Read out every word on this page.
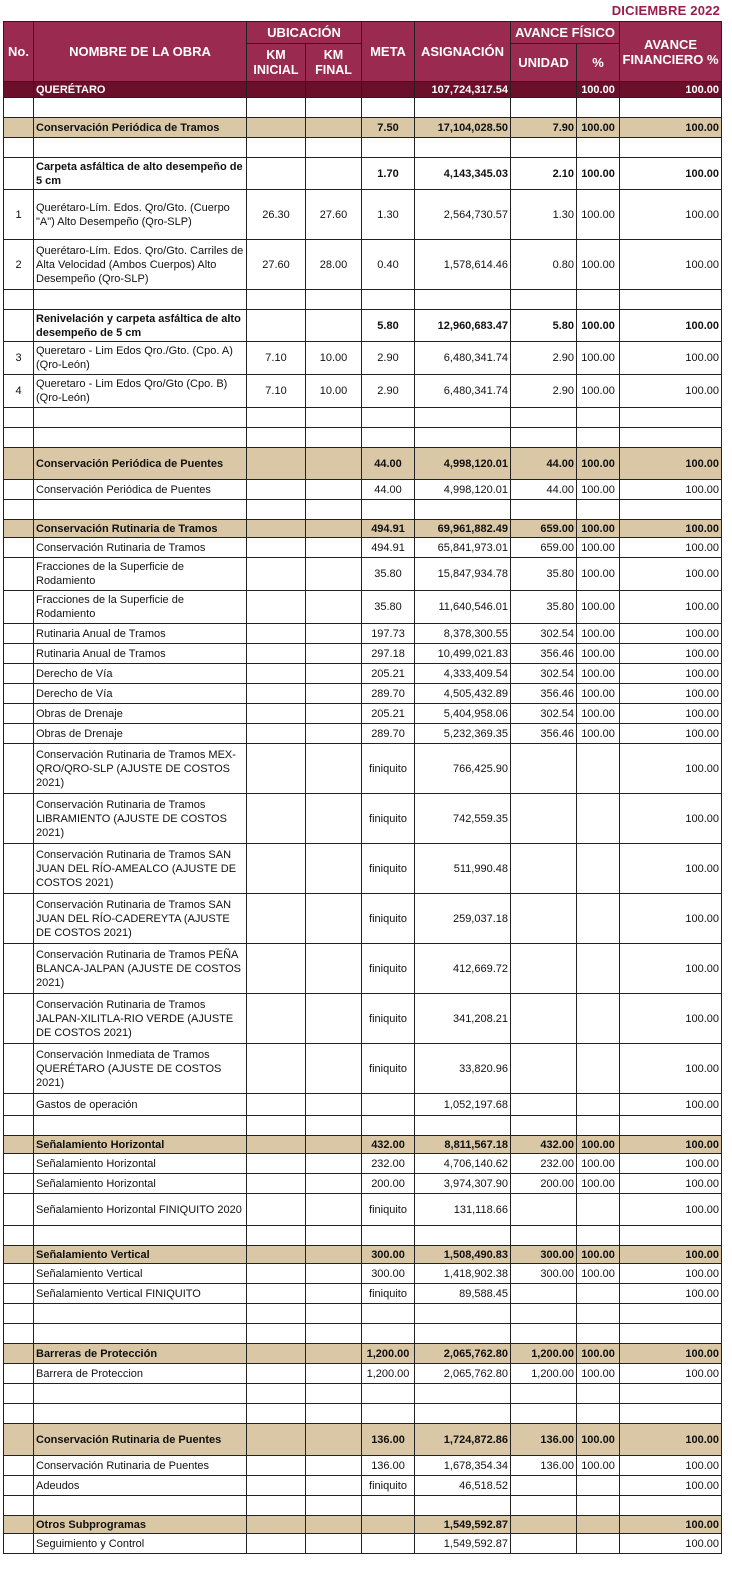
DICIEMBRE 2022
No.	NOMBRE DE LA OBRA	UBICACIÓN		META	ASIGNACIÓN	AVANCE FÍSICO		AVANCE FINANCIERO %
		KM INICIAL	KM FINAL			UNIDAD	%	

	QUERÉTARO				107,724,317.54		100.00	100.00

	Conservación Periódica de Tramos			7.50	17,104,028.50	7.90	100.00	100.00

	Carpeta asfáltica de alto desempeño de 5 cm			1.70	4,143,345.03	2.10	100.00	100.00
1	Querétaro-Lím. Edos. Qro/Gto. (Cuerpo "A") Alto Desempeño (Qro-SLP)	26.30	27.60	1.30	2,564,730.57	1.30	100.00	100.00
2	Querétaro-Lím. Edos. Qro/Gto. Carriles de Alta Velocidad (Ambos Cuerpos) Alto Desempeño (Qro-SLP)	27.60	28.00	0.40	1,578,614.46	0.80	100.00	100.00

	Renivelación y carpeta asfáltica de alto desempeño de 5 cm			5.80	12,960,683.47	5.80	100.00	100.00
3	Queretaro - Lim Edos Qro./Gto. (Cpo. A) (Qro-León)	7.10	10.00	2.90	6,480,341.74	2.90	100.00	100.00
4	Queretaro - Lim Edos Qro/Gto (Cpo. B) (Qro-León)	7.10	10.00	2.90	6,480,341.74	2.90	100.00	100.00

	Conservación Periódica de Puentes			44.00	4,998,120.01	44.00	100.00	100.00
	Conservación Periódica de Puentes			44.00	4,998,120.01	44.00	100.00	100.00

	Conservación Rutinaria de Tramos			494.91	69,961,882.49	659.00	100.00	100.00
	Conservación Rutinaria de Tramos			494.91	65,841,973.01	659.00	100.00	100.00
	Fracciones de la Superficie de Rodamiento			35.80	15,847,934.78	35.80	100.00	100.00
	Fracciones de la Superficie de Rodamiento			35.80	11,640,546.01	35.80	100.00	100.00
	Rutinaria Anual de Tramos			197.73	8,378,300.55	302.54	100.00	100.00
	Rutinaria Anual de Tramos			297.18	10,499,021.83	356.46	100.00	100.00
	Derecho de Vía			205.21	4,333,409.54	302.54	100.00	100.00
	Derecho de Vía			289.70	4,505,432.89	356.46	100.00	100.00
	Obras de Drenaje			205.21	5,404,958.06	302.54	100.00	100.00
	Obras de Drenaje			289.70	5,232,369.35	356.46	100.00	100.00
	Conservación Rutinaria de Tramos MEX-QRO/QRO-SLP (AJUSTE DE COSTOS 2021)			finiquito	766,425.90			100.00
	Conservación Rutinaria de Tramos LIBRAMIENTO (AJUSTE DE COSTOS 2021)			finiquito	742,559.35			100.00
	Conservación Rutinaria de Tramos SAN JUAN DEL RÍO-AMEALCO (AJUSTE DE COSTOS 2021)			finiquito	511,990.48			100.00
	Conservación Rutinaria de Tramos SAN JUAN DEL RÍO-CADEREYTA (AJUSTE DE COSTOS 2021)			finiquito	259,037.18			100.00
	Conservación Rutinaria de Tramos PEÑA BLANCA-JALPAN (AJUSTE DE COSTOS 2021)			finiquito	412,669.72			100.00
	Conservación Rutinaria de Tramos JALPAN-XILITLA-RIO VERDE (AJUSTE DE COSTOS 2021)			finiquito	341,208.21			100.00
	Conservación Inmediata de Tramos QUERÉTARO (AJUSTE DE COSTOS 2021)			finiquito	33,820.96			100.00
	Gastos de operación				1,052,197.68			100.00

	Señalamiento Horizontal			432.00	8,811,567.18	432.00	100.00	100.00
	Señalamiento Horizontal			232.00	4,706,140.62	232.00	100.00	100.00
	Señalamiento Horizontal			200.00	3,974,307.90	200.00	100.00	100.00
	Señalamiento Horizontal FINIQUITO 2020			finiquito	131,118.66			100.00

	Señalamiento Vertical			300.00	1,508,490.83	300.00	100.00	100.00
	Señalamiento Vertical			300.00	1,418,902.38	300.00	100.00	100.00
	Señalamiento Vertical FINIQUITO			finiquito	89,588.45			100.00

	Barreras de Protección			1,200.00	2,065,762.80	1,200.00	100.00	100.00
	Barrera de Proteccion			1,200.00	2,065,762.80	1,200.00	100.00	100.00

	Conservación Rutinaria de Puentes			136.00	1,724,872.86	136.00	100.00	100.00
	Conservación Rutinaria de Puentes			136.00	1,678,354.34	136.00	100.00	100.00
	Adeudos			finiquito	46,518.52			100.00

	Otros Subprogramas				1,549,592.87			100.00
	Seguimiento y Control				1,549,592.87			100.00
